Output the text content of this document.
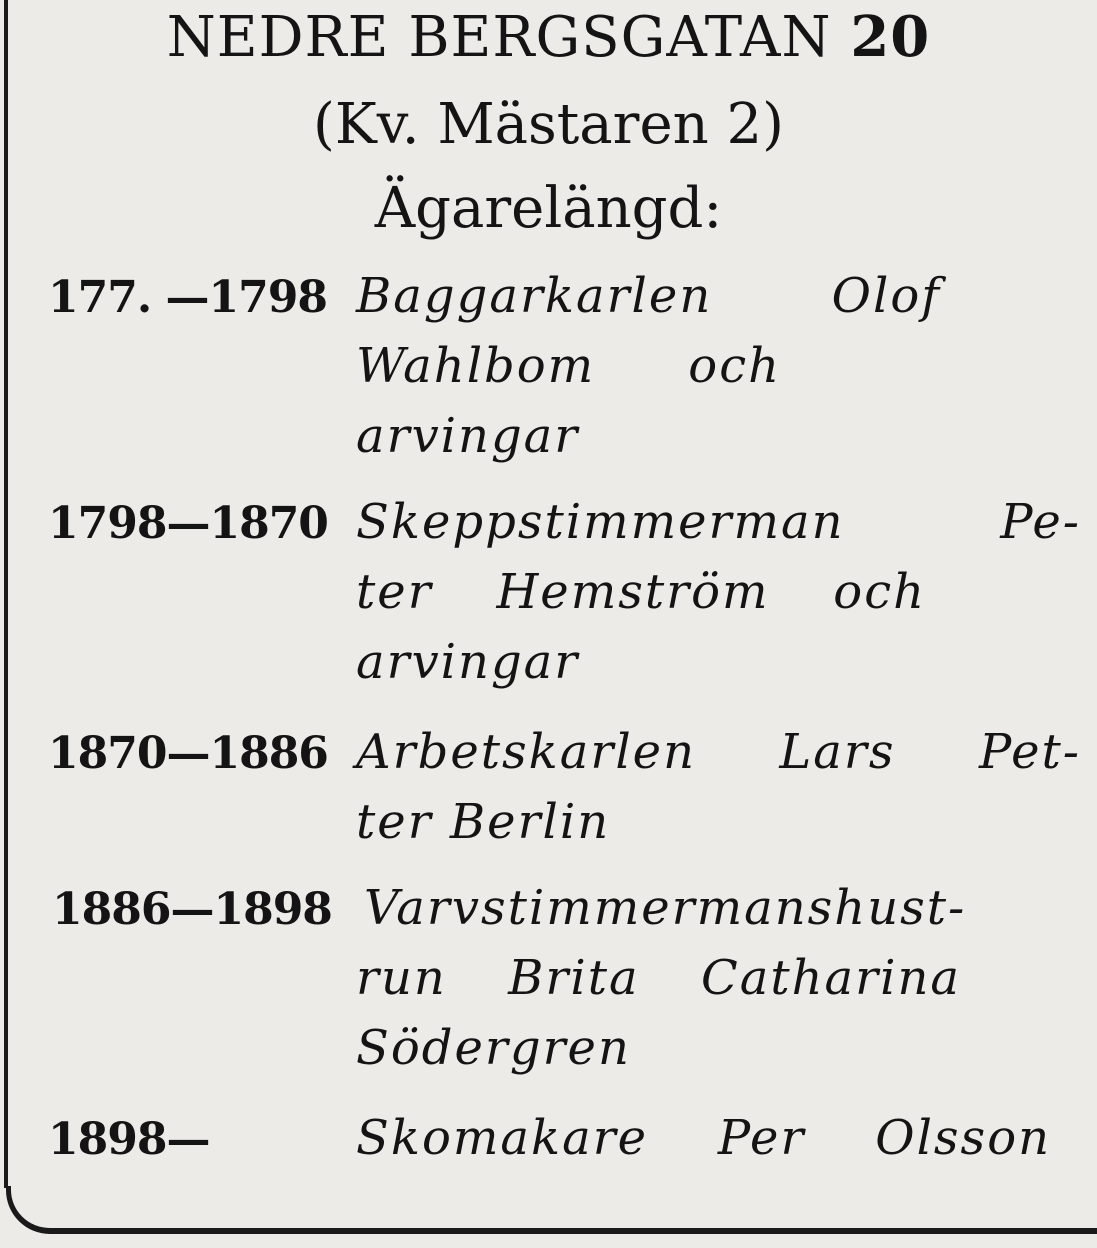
NEDRE BERGSGATAN 20
(Kv. Mästaren 2)
Ägarelängd:
177. —1798 Baggarkarlen Olof
Wahlbom och
arvingar
1798—1870 Skeppstimmerman Pe-
ter Hemström och
arvingar
1870—1886 Arbetskarlen Lars Pet-
ter Berlin
1886—1898 Varvstimmermanshust-
run Brita Catharina
Södergren
1898—	Skomakare Per Olsson
